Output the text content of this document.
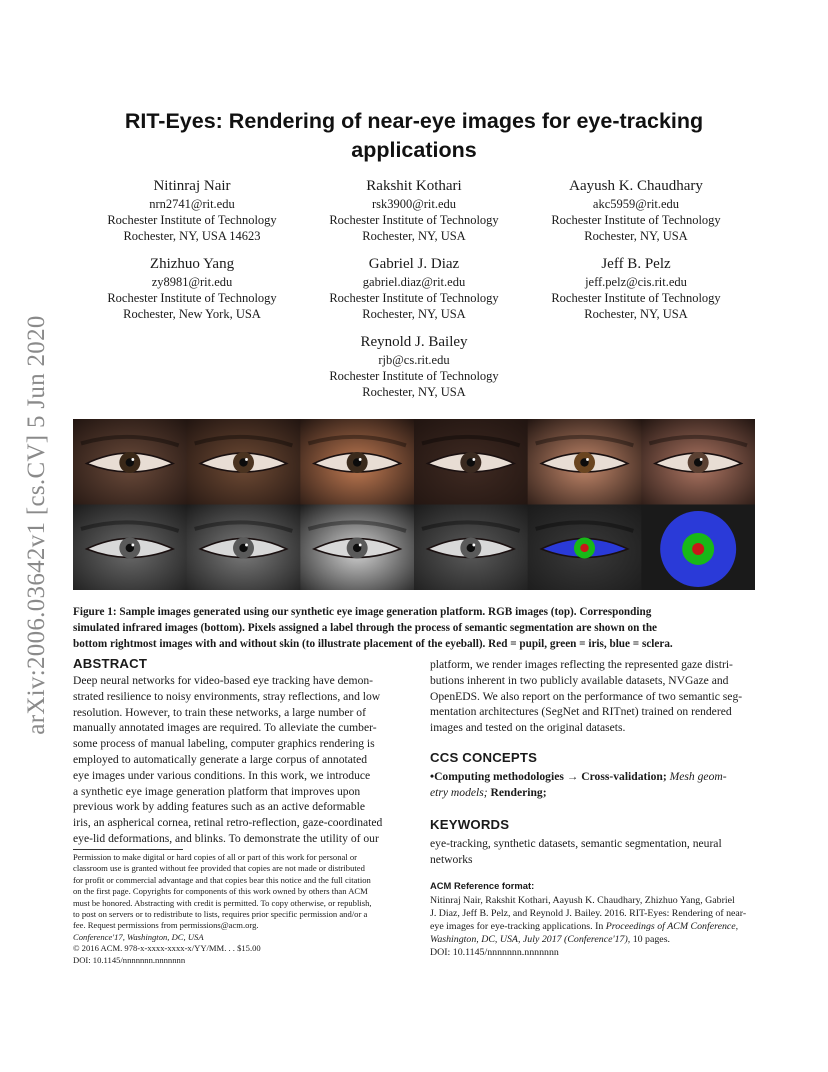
arXiv:2006.03642v1 [cs.CV] 5 Jun 2020
RIT-Eyes: Rendering of near-eye images for eye-tracking
applications
Nitinraj Nair
nrn2741@rit.edu
Rochester Institute of Technology
Rochester, NY, USA 14623
Rakshit Kothari
rsk3900@rit.edu
Rochester Institute of Technology
Rochester, NY, USA
Aayush K. Chaudhary
akc5959@rit.edu
Rochester Institute of Technology
Rochester, NY, USA
Zhizhuo Yang
zy8981@rit.edu
Rochester Institute of Technology
Rochester, New York, USA
Gabriel J. Diaz
gabriel.diaz@rit.edu
Rochester Institute of Technology
Rochester, NY, USA
Jeff B. Pelz
jeff.pelz@cis.rit.edu
Rochester Institute of Technology
Rochester, NY, USA
Reynold J. Bailey
rjb@cs.rit.edu
Rochester Institute of Technology
Rochester, NY, USA
Figure 1: Sample images generated using our synthetic eye image generation platform. RGB images (top). Corresponding
simulated infrared images (bottom). Pixels assigned a label through the process of semantic segmentation are shown on the
bottom rightmost images with and without skin (to illustrate placement of the eyeball). Red = pupil, green = iris, blue = sclera.
ABSTRACT
Deep neural networks for video-based eye tracking have demon-
strated resilience to noisy environments, stray reflections, and low
resolution. However, to train these networks, a large number of
manually annotated images are required. To alleviate the cumber-
some process of manual labeling, computer graphics rendering is
employed to automatically generate a large corpus of annotated
eye images under various conditions. In this work, we introduce
a synthetic eye image generation platform that improves upon
previous work by adding features such as an active deformable
iris, an aspherical cornea, retinal retro-reflection, gaze-coordinated
eye-lid deformations, and blinks. To demonstrate the utility of our
Permission to make digital or hard copies of all or part of this work for personal or
classroom use is granted without fee provided that copies are not made or distributed
for profit or commercial advantage and that copies bear this notice and the full citation
on the first page. Copyrights for components of this work owned by others than ACM
must be honored. Abstracting with credit is permitted. To copy otherwise, or republish,
to post on servers or to redistribute to lists, requires prior specific permission and/or a
fee. Request permissions from permissions@acm.org.
Conference'17, Washington, DC, USA
© 2016 ACM. 978-x-xxxx-xxxx-x/YY/MM. . . $15.00
DOI: 10.1145/nnnnnnn.nnnnnnn
platform, we render images reflecting the represented gaze distri-
butions inherent in two publicly available datasets, NVGaze and
OpenEDS. We also report on the performance of two semantic seg-
mentation architectures (SegNet and RITnet) trained on rendered
images and tested on the original datasets.
CCS CONCEPTS
•Computing methodologies → Cross-validation; Mesh geom-
etry models; Rendering;
KEYWORDS
eye-tracking, synthetic datasets, semantic segmentation, neural
networks
ACM Reference format:
Nitinraj Nair, Rakshit Kothari, Aayush K. Chaudhary, Zhizhuo Yang, Gabriel
J. Diaz, Jeff B. Pelz, and Reynold J. Bailey. 2016. RIT-Eyes: Rendering of near-
eye images for eye-tracking applications. In Proceedings of ACM Conference,
Washington, DC, USA, July 2017 (Conference'17), 10 pages.
DOI: 10.1145/nnnnnnn.nnnnnnn
